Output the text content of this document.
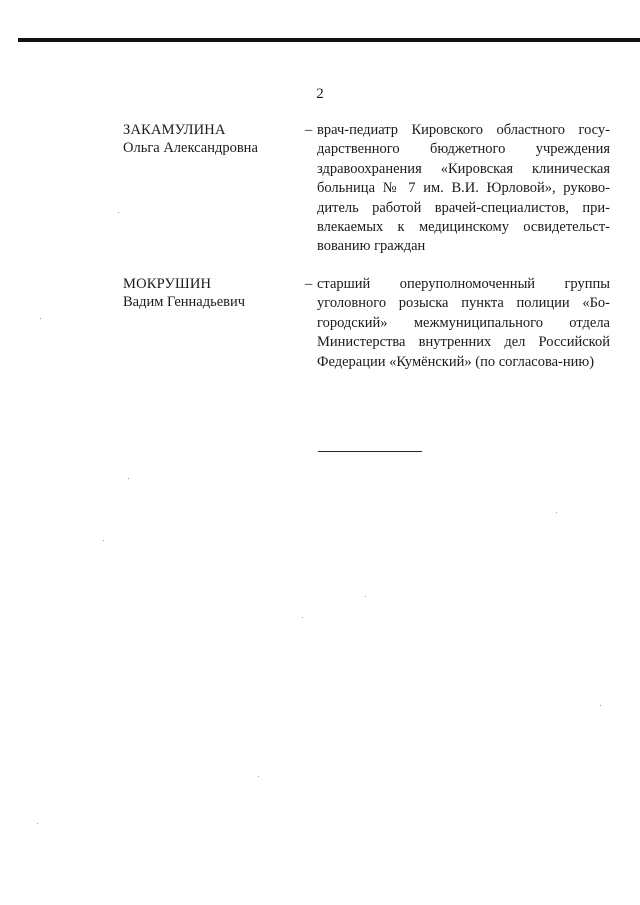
2
ЗАКАМУЛИНА
Ольга Александровна
– врач-педиатр Кировского областного госу-дарственного бюджетного учреждения здравоохранения «Кировская клиническая больница № 7 им. В.И. Юрловой», руково-дитель работой врачей-специалистов, при-влекаемых к медицинскому освидетельст-вованию граждан
МОКРУШИН
Вадим Геннадьевич
– старший оперуполномоченный группы уголовного розыска пункта полиции «Бо-городский» межмуниципального отдела Министерства внутренних дел Российской Федерации «Кумёнский» (по согласова-нию)
